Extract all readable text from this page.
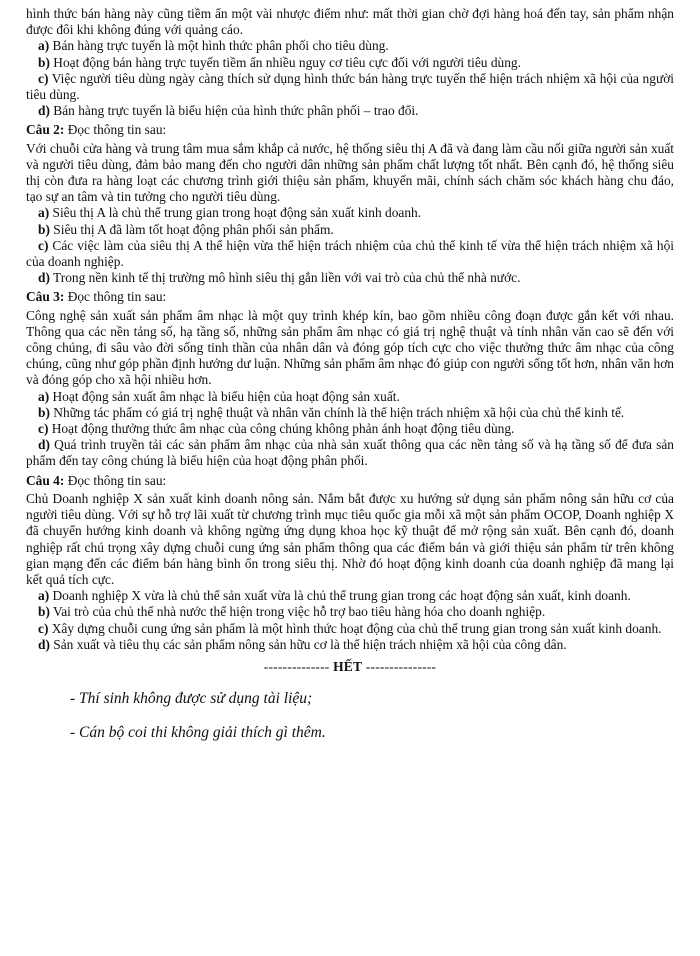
hình thức bán hàng này cũng tiềm ẩn một vài nhược điểm như: mất thời gian chờ đợi hàng hoá đến tay, sản phẩm nhận được đôi khi không đúng với quảng cáo.

a) Bán hàng trực tuyến là một hình thức phân phối cho tiêu dùng.

b) Hoạt động bán hàng trực tuyến tiềm ẩn nhiều nguy cơ tiêu cực đối với người tiêu dùng.

c) Việc người tiêu dùng ngày càng thích sử dụng hình thức bán hàng trực tuyến thể hiện trách nhiệm xã hội của người tiêu dùng.

d) Bán hàng trực tuyến là biểu hiện của hình thức phân phối – trao đổi.

Câu 2: Đọc thông tin sau:

Với chuỗi cửa hàng và trung tâm mua sắm khắp cả nước, hệ thống siêu thị A đã và đang làm cầu nối giữa người sản xuất và người tiêu dùng, đảm bảo mang đến cho người dân những sản phẩm chất lượng tốt nhất. Bên cạnh đó, hệ thống siêu thị còn đưa ra hàng loạt các chương trình giới thiệu sản phẩm, khuyến mãi, chính sách chăm sóc khách hàng chu đáo, tạo sự an tâm và tin tưởng cho người tiêu dùng.

a) Siêu thị A là chủ thể trung gian trong hoạt động sản xuất kinh doanh.

b) Siêu thị A đã làm tốt hoạt động phân phối sản phẩm.

c) Các việc làm của siêu thị A thể hiện vừa thể hiện trách nhiệm của chủ thể kinh tế vừa thể hiện trách nhiệm xã hội của doanh nghiệp.

d) Trong nền kinh tế thị trường mô hình siêu thị gắn liền với vai trò của chủ thể nhà nước.

Câu 3: Đọc thông tin sau:

Công nghệ sản xuất sản phẩm âm nhạc là một quy trình khép kín, bao gồm nhiều công đoạn được gắn kết với nhau. Thông qua các nền tảng số, hạ tầng số, những sản phẩm âm nhạc có giá trị nghệ thuật và tính nhân văn cao sẽ đến với công chúng, đi sâu vào đời sống tinh thần của nhân dân và đóng góp tích cực cho việc thưởng thức âm nhạc của công chúng, cũng như góp phần định hướng dư luận. Những sản phẩm âm nhạc đó giúp con người sống tốt hơn, nhân văn hơn và đóng góp cho xã hội nhiều hơn.

a) Hoạt động sản xuất âm nhạc là biểu hiện của hoạt động sản xuất.

b) Những tác phẩm có giá trị nghệ thuật và nhân văn chính là thể hiện trách nhiệm xã hội của chủ thể kinh tế.

c) Hoạt động thưởng thức âm nhạc của công chúng không phản ánh hoạt động tiêu dùng.

d) Quá trình truyền tải các sản phẩm âm nhạc của nhà sản xuất thông qua các nền tảng số và hạ tầng số để đưa sản phẩm đến tay công chúng là biểu hiện của hoạt động phân phối.

Câu 4: Đọc thông tin sau:

Chủ Doanh nghiệp X sản xuất kinh doanh nông sản. Nắm bắt được xu hướng sử dụng sản phẩm nông sản hữu cơ của người tiêu dùng. Với sự hỗ trợ lãi xuất từ chương trình mục tiêu quốc gia mỗi xã một sản phẩm OCOP, Doanh nghiệp X đã chuyển hướng kinh doanh và không ngừng ứng dụng khoa học kỹ thuật để mở rộng sản xuất. Bên cạnh đó, doanh nghiệp rất chú trọng xây dựng chuỗi cung ứng sản phẩm thông qua các điểm bán và giới thiệu sản phẩm từ trên không gian mạng đến các điểm bán hàng bình ổn trong siêu thị. Nhờ đó hoạt động kinh doanh của doanh nghiệp đã mang lại kết quả tích cực.

a) Doanh nghiệp X vừa là chủ thể sản xuất vừa là chủ thể trung gian trong các hoạt động sản xuất, kinh doanh.

b) Vai trò của chủ thể nhà nước thể hiện trong việc hỗ trợ bao tiêu hàng hóa cho doanh nghiệp.

c) Xây dựng chuỗi cung ứng sản phẩm là một hình thức hoạt động của chủ thể trung gian trong sản xuất kinh doanh.

d) Sản xuất và tiêu thụ các sản phẩm nông sản hữu cơ là thể hiện trách nhiệm xã hội của công dân.

-------------- HẾT ---------------

- Thí sinh không được sử dụng tài liệu;

- Cán bộ coi thi không giải thích gì thêm.
